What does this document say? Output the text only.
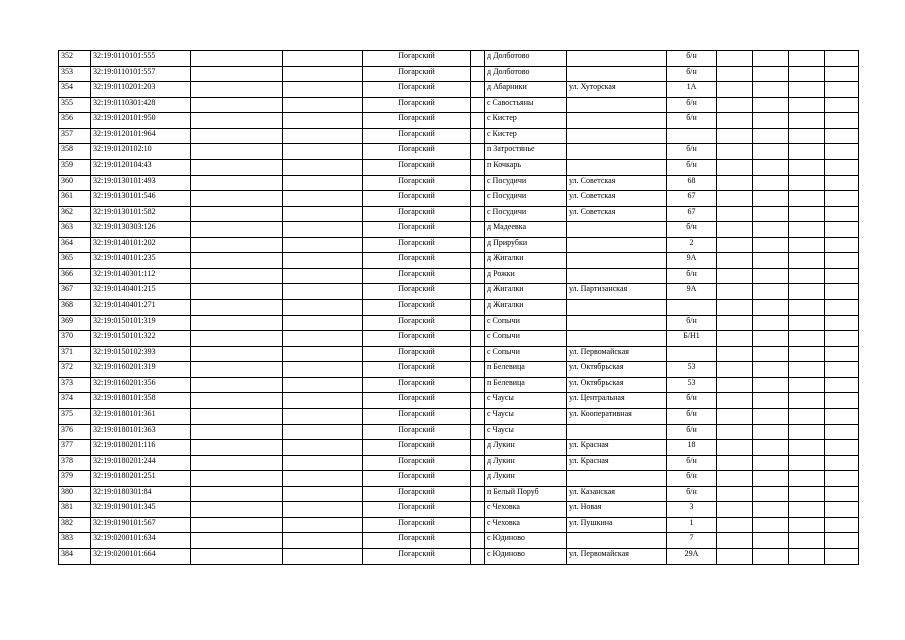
352	32:19:0110101:555			Погарский		д Долботово		б/н				
353	32:19:0110101:557			Погарский		д Долботово		б/н				
354	32:19:0110201:203			Погарский		д Абарники	ул. Хуторская	1А				
355	32:19:0110301:428			Погарский		с Савостьяны		б/н				
356	32:19:0120101:950			Погарский		с Кистер		б/н				
357	32:19:0120101:964			Погарский		с Кистер						
358	32:19:0120102:10			Погарский		п Затростянье		б/н				
359	32:19:0120104:43			Погарский		п Кочкарь		б/н				
360	32:19:0130101:493			Погарский		с Посудичи	ул. Советская	68				
361	32:19:0130101:546			Погарский		с Посудичи	ул. Советская	67				
362	32:19:0130101:582			Погарский		с Посудичи	ул. Советская	67				
363	32:19:0130303:126			Погарский		д Мадеевка		б/н				
364	32:19:0140101:202			Погарский		д Прирубки		2				
365	32:19:0140101:235			Погарский		д Жигалки		9А				
366	32:19:0140301:112			Погарский		д Рожки		б/н				
367	32:19:0140401:215			Погарский		д Жигалки	ул. Партизанская	9А				
368	32:19:0140401:271			Погарский		д Жигалки						
369	32:19:0150101:319			Погарский		с Сопычи		б/н				
370	32:19:0150101:322			Погарский		с Сопычи		Б/Н1				
371	32:19:0150102:393			Погарский		с Сопычи	ул. Первомайская					
372	32:19:0160201:319			Погарский		п Белевица	ул. Октябрьская	53				
373	32:19:0160201:356			Погарский		п Белевица	ул. Октябрьская	53				
374	32:19:0180101:358			Погарский		с Чаусы	ул. Центральная	б/н				
375	32:19:0180101:361			Погарский		с Чаусы	ул. Кооперативная	б/н				
376	32:19:0180101:363			Погарский		с Чаусы		б/н				
377	32:19:0180201:116			Погарский		д Лукин	ул. Красная	18				
378	32:19:0180201:244			Погарский		д Лукин	ул. Красная	б/н				
379	32:19:0180201:251			Погарский		д Лукин		б/н				
380	32:19:0180301:84			Погарский		п Белый Поруб	ул. Казанская	б/н				
381	32:19:0190101:345			Погарский		с Чеховка	ул. Новая	3				
382	32:19:0190101:567			Погарский		с Чеховка	ул. Пушкина	1				
383	32:19:0200101:634			Погарский		с Юдиново		7				
384	32:19:0200101:664			Погарский		с Юдиново	ул. Первомайская	29А				
